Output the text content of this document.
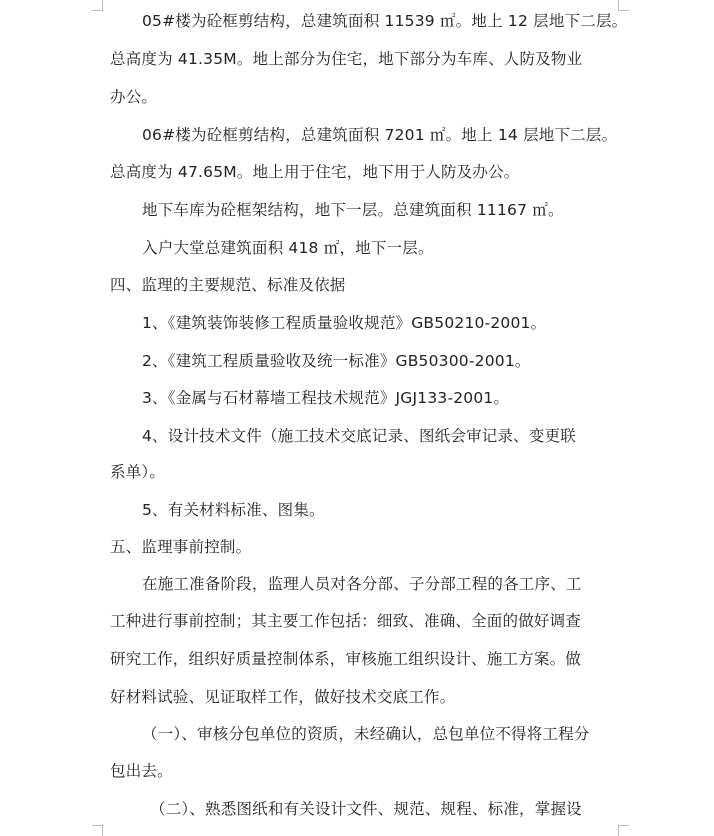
05#楼为砼框剪结构，总建筑面积 11539 ㎡。地上 12 层地下二层。
总高度为 41.35M。地上部分为住宅，地下部分为车库、人防及物业
办公。
06#楼为砼框剪结构，总建筑面积 7201 ㎡。地上 14 层地下二层。
总高度为 47.65M。地上用于住宅，地下用于人防及办公。
地下车库为砼框架结构，地下一层。总建筑面积 11167 ㎡。
入户大堂总建筑面积 418 ㎡，地下一层。
四、监理的主要规范、标准及依据
1、《建筑装饰装修工程质量验收规范》GB50210-2001。
2、《建筑工程质量验收及统一标准》GB50300-2001。
3、《金属与石材幕墙工程技术规范》JGJ133-2001。
4、设计技术文件（施工技术交底记录、图纸会审记录、变更联
系单）。
5、有关材料标准、图集。
五、监理事前控制。
在施工准备阶段，监理人员对各分部、子分部工程的各工序、工
工种进行事前控制；其主要工作包括：细致、准确、全面的做好调查
研究工作，组织好质量控制体系，审核施工组织设计、施工方案。做
好材料试验、见证取样工作，做好技术交底工作。
（一）、审核分包单位的资质，未经确认，总包单位不得将工程分
包出去。
（二）、熟悉图纸和有关设计文件、规范、规程、标准，掌握设
